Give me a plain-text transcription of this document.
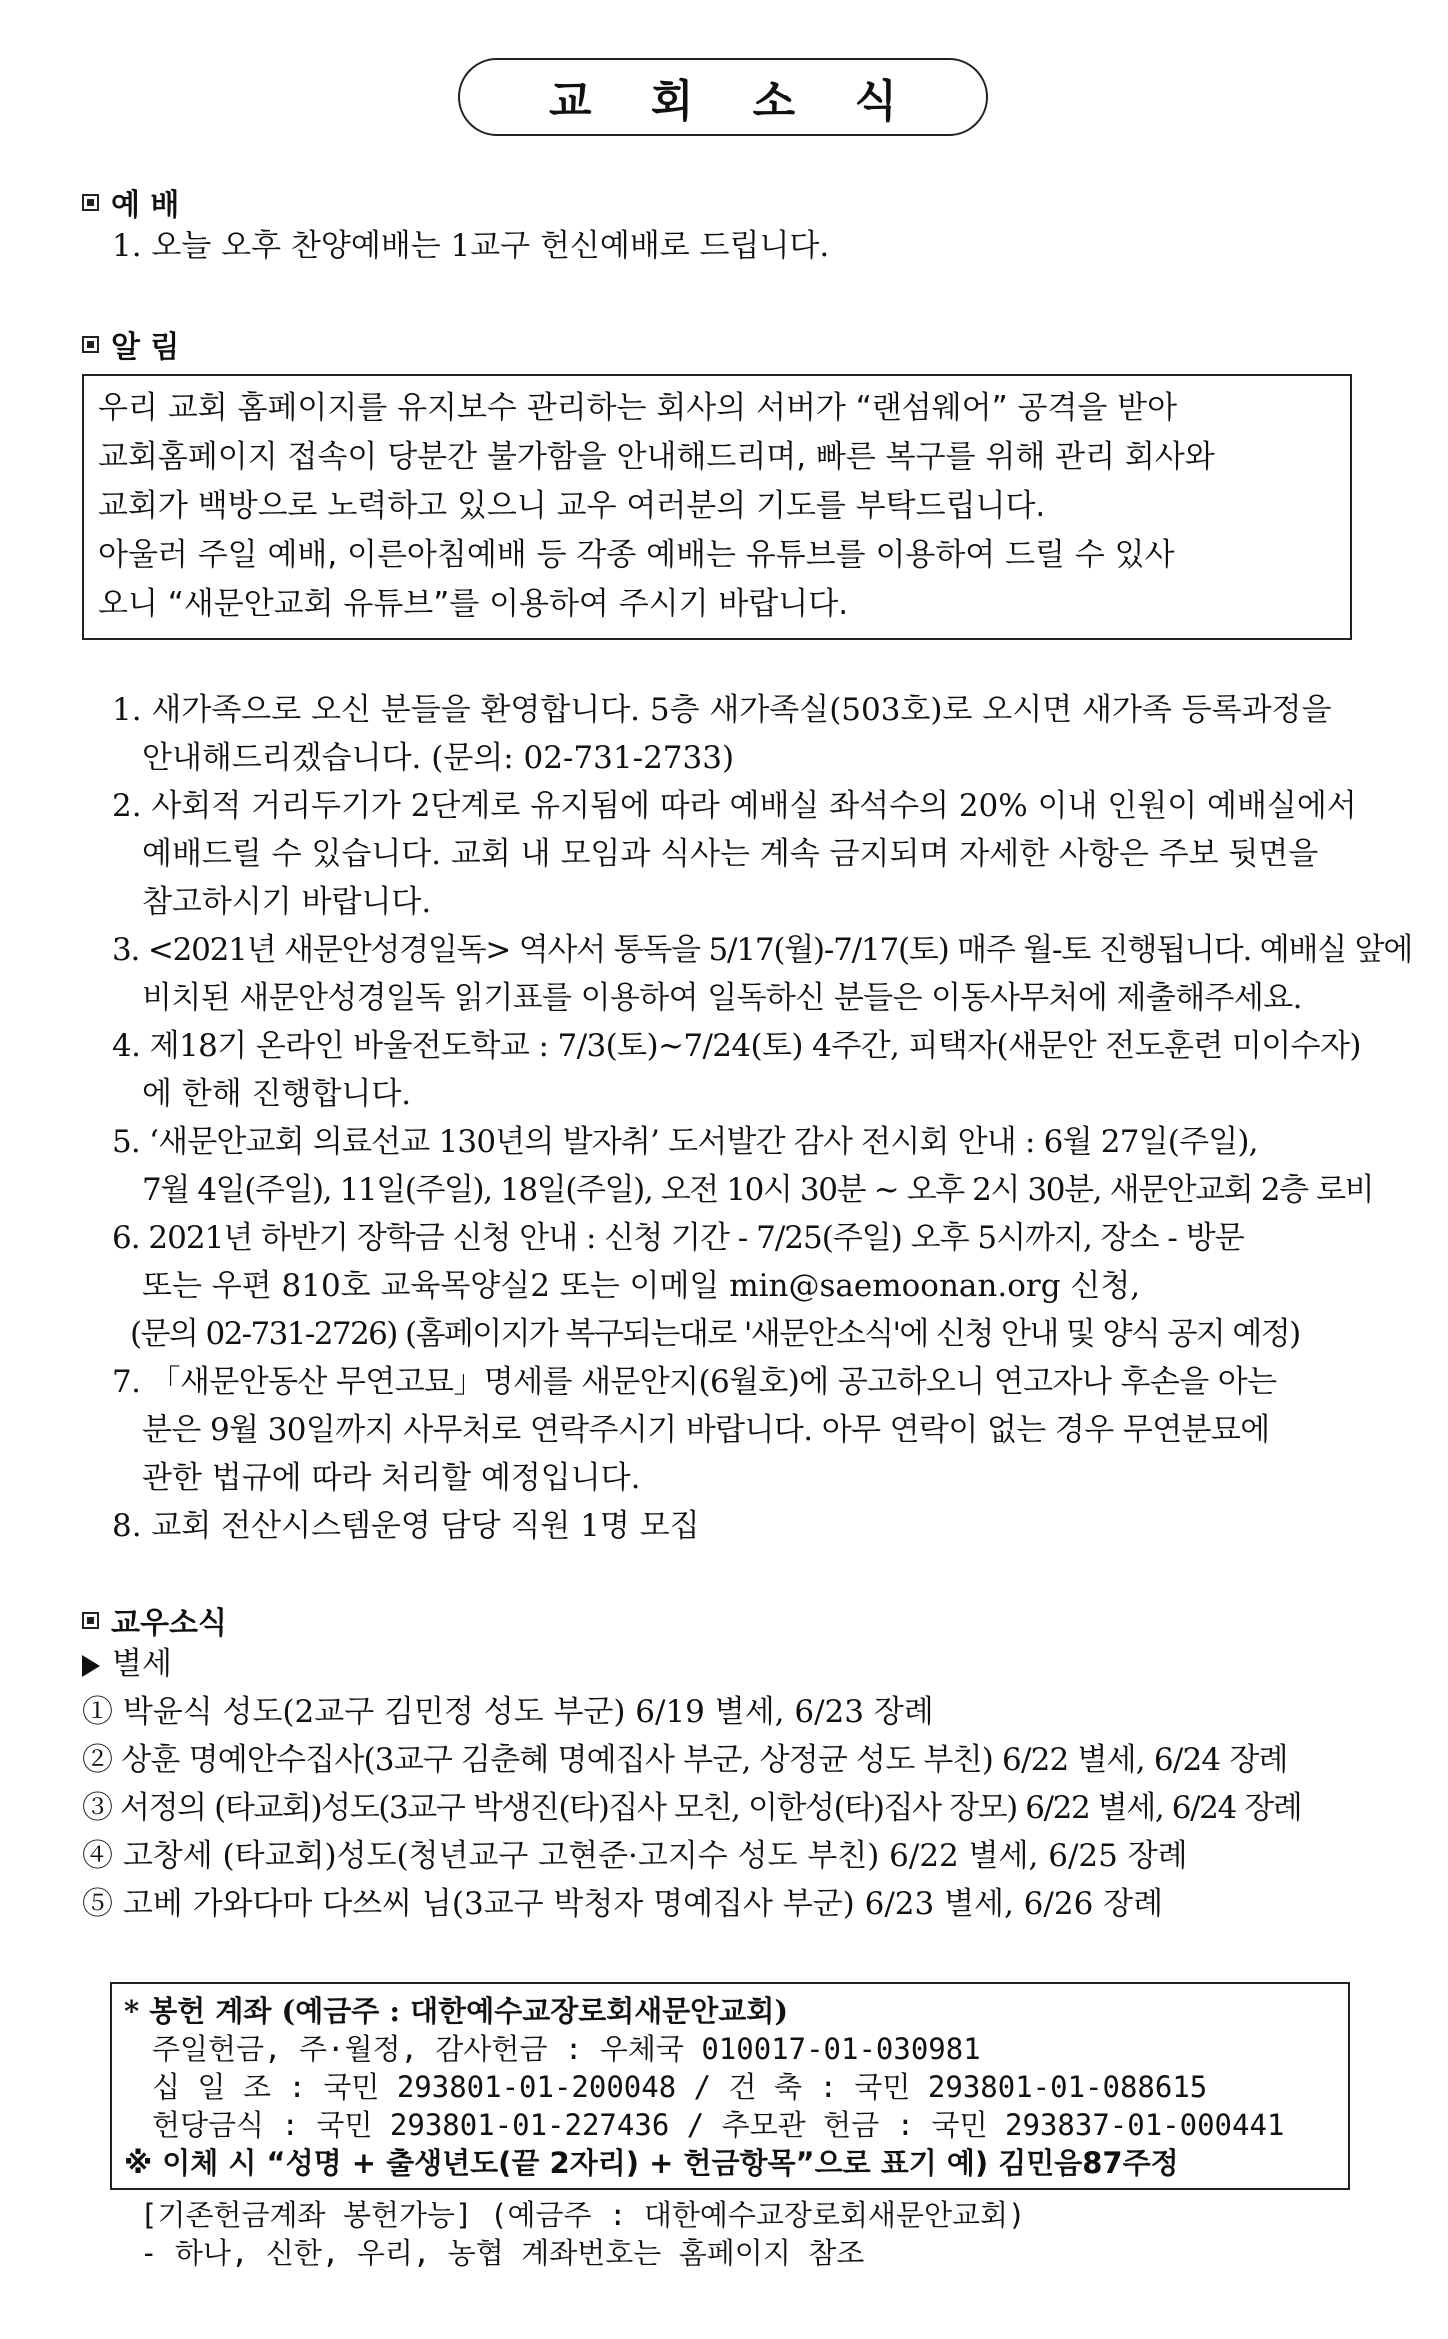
교 회 소 식
예 배
1. 오늘 오후 찬양예배는 1교구 헌신예배로 드립니다.
알 림
우리 교회 홈페이지를 유지보수 관리하는 회사의 서버가 “랜섬웨어” 공격을 받아
교회홈페이지 접속이 당분간 불가함을 안내해드리며, 빠른 복구를 위해 관리 회사와
교회가 백방으로 노력하고 있으니 교우 여러분의 기도를 부탁드립니다.
아울러 주일 예배, 이른아침예배 등 각종 예배는 유튜브를 이용하여 드릴 수 있사
오니 “새문안교회 유튜브”를 이용하여 주시기 바랍니다.
1. 새가족으로 오신 분들을 환영합니다. 5층 새가족실(503호)로 오시면 새가족 등록과정을
안내해드리겠습니다. (문의: 02-731-2733)
2. 사회적 거리두기가 2단계로 유지됨에 따라 예배실 좌석수의 20% 이내 인원이 예배실에서
예배드릴 수 있습니다. 교회 내 모임과 식사는 계속 금지되며 자세한 사항은 주보 뒷면을
참고하시기 바랍니다.
3. <2021년 새문안성경일독> 역사서 통독을 5/17(월)-7/17(토) 매주 월-토 진행됩니다. 예배실 앞에
비치된 새문안성경일독 읽기표를 이용하여 일독하신 분들은 이동사무처에 제출해주세요.
4. 제18기 온라인 바울전도학교 : 7/3(토)~7/24(토) 4주간, 피택자(새문안 전도훈련 미이수자)
에 한해 진행합니다.
5. ‘새문안교회 의료선교 130년의 발자취’ 도서발간 감사 전시회 안내 : 6월 27일(주일),
7월 4일(주일), 11일(주일), 18일(주일), 오전 10시 30분 ~ 오후 2시 30분, 새문안교회 2층 로비
6. 2021년 하반기 장학금 신청 안내 : 신청 기간 - 7/25(주일) 오후 5시까지, 장소 - 방문
또는 우편 810호 교육목양실2 또는 이메일 min@saemoonan.org 신청,
(문의 02-731-2726) (홈페이지가 복구되는대로 '새문안소식'에 신청 안내 및 양식 공지 예정)
7. 「새문안동산 무연고묘」명세를 새문안지(6월호)에 공고하오니 연고자나 후손을 아는
분은 9월 30일까지 사무처로 연락주시기 바랍니다. 아무 연락이 없는 경우 무연분묘에
관한 법규에 따라 처리할 예정입니다.
8. 교회 전산시스템운영 담당 직원 1명 모집
교우소식
별세
① 박윤식 성도(2교구 김민정 성도 부군) 6/19 별세, 6/23 장례
② 상훈 명예안수집사(3교구 김춘혜 명예집사 부군, 상정균 성도 부친) 6/22 별세, 6/24 장례
③ 서정의 (타교회)성도(3교구 박생진(타)집사 모친, 이한성(타)집사 장모) 6/22 별세, 6/24 장례
④ 고창세 (타교회)성도(청년교구 고현준·고지수 성도 부친) 6/22 별세, 6/25 장례
⑤ 고베 가와다마 다쓰씨 님(3교구 박청자 명예집사 부군) 6/23 별세, 6/26 장례
* 봉헌 계좌 (예금주 : 대한예수교장로회새문안교회)
주일헌금, 주·월정, 감사헌금 : 우체국 010017-01-030981
십 일 조 : 국민 293801-01-200048 / 건 축 : 국민 293801-01-088615
헌당금식 : 국민 293801-01-227436 / 추모관 헌금 : 국민 293837-01-000441
※ 이체 시 “성명 + 출생년도(끝 2자리) + 헌금항목”으로 표기 예) 김민음87주정
[기존헌금계좌 봉헌가능] (예금주 : 대한예수교장로회새문안교회)
- 하나, 신한, 우리, 농협 계좌번호는 홈페이지 참조
